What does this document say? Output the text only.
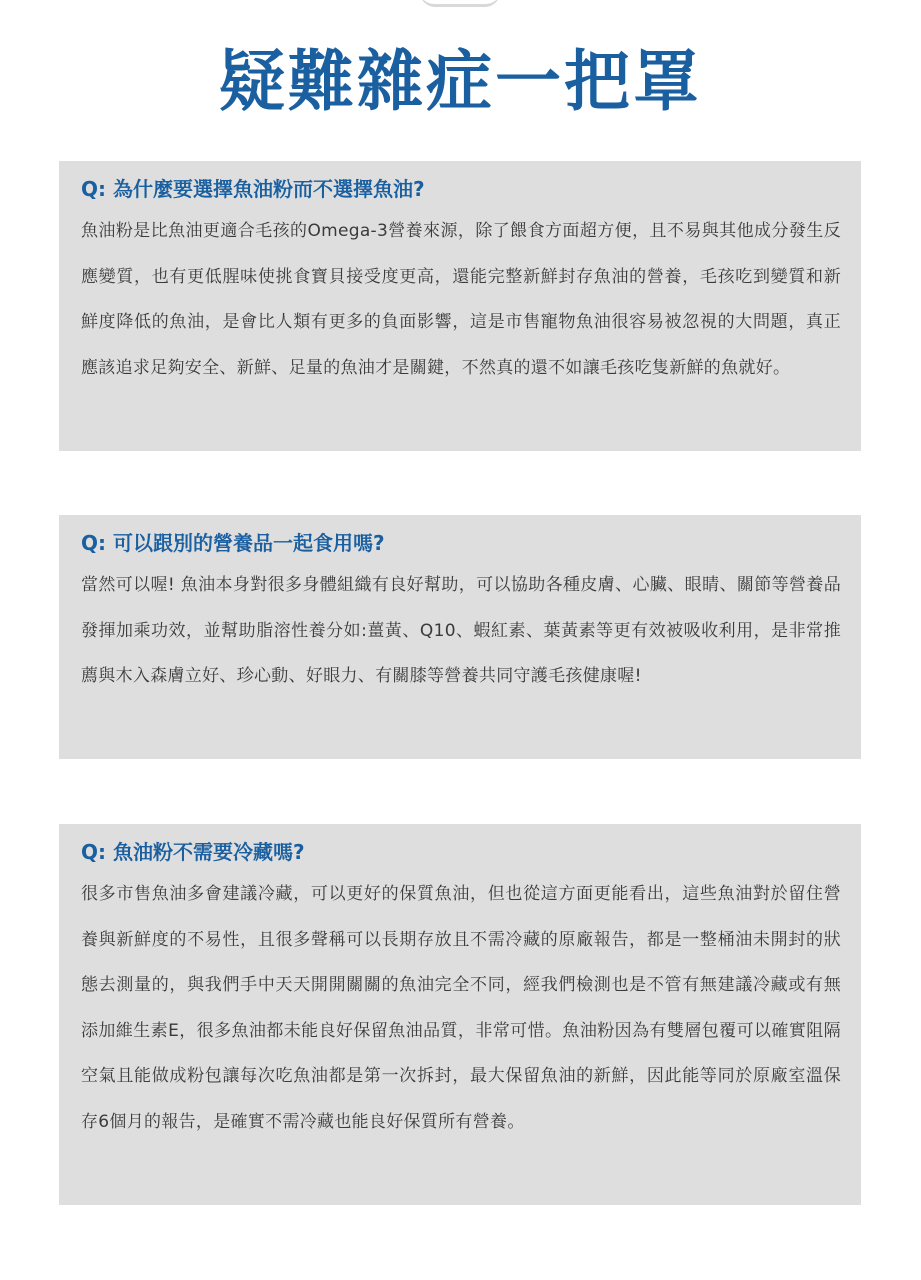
疑難雜症一把罩
Q: 為什麼要選擇魚油粉而不選擇魚油?

魚油粉是比魚油更適合毛孩的Omega-3營養來源，除了餵食方面超方便，且不易與其他成分發生反應變質，也有更低腥味使挑食寶貝接受度更高，還能完整新鮮封存魚油的營養，毛孩吃到變質和新鮮度降低的魚油，是會比人類有更多的負面影響，這是市售寵物魚油很容易被忽視的大問題，真正應該追求足夠安全、新鮮、足量的魚油才是關鍵，不然真的還不如讓毛孩吃隻新鮮的魚就好。

Q: 可以跟別的營養品一起食用嗎?

當然可以喔! 魚油本身對很多身體組織有良好幫助，可以協助各種皮膚、心臟、眼睛、關節等營養品發揮加乘功效，並幫助脂溶性養分如:薑黃、Q10、蝦紅素、葉黃素等更有效被吸收利用，是非常推薦與木入森膚立好、珍心動、好眼力、有關膝等營養共同守護毛孩健康喔!

Q: 魚油粉不需要冷藏嗎?

很多市售魚油多會建議冷藏，可以更好的保質魚油，但也從這方面更能看出，這些魚油對於留住營養與新鮮度的不易性，且很多聲稱可以長期存放且不需冷藏的原廠報告，都是一整桶油未開封的狀態去測量的，與我們手中天天開開關關的魚油完全不同，經我們檢測也是不管有無建議冷藏或有無添加維生素E，很多魚油都未能良好保留魚油品質，非常可惜。魚油粉因為有雙層包覆可以確實阻隔空氣且能做成粉包讓每次吃魚油都是第一次拆封，最大保留魚油的新鮮，因此能等同於原廠室溫保存6個月的報告，是確實不需冷藏也能良好保質所有營養。
